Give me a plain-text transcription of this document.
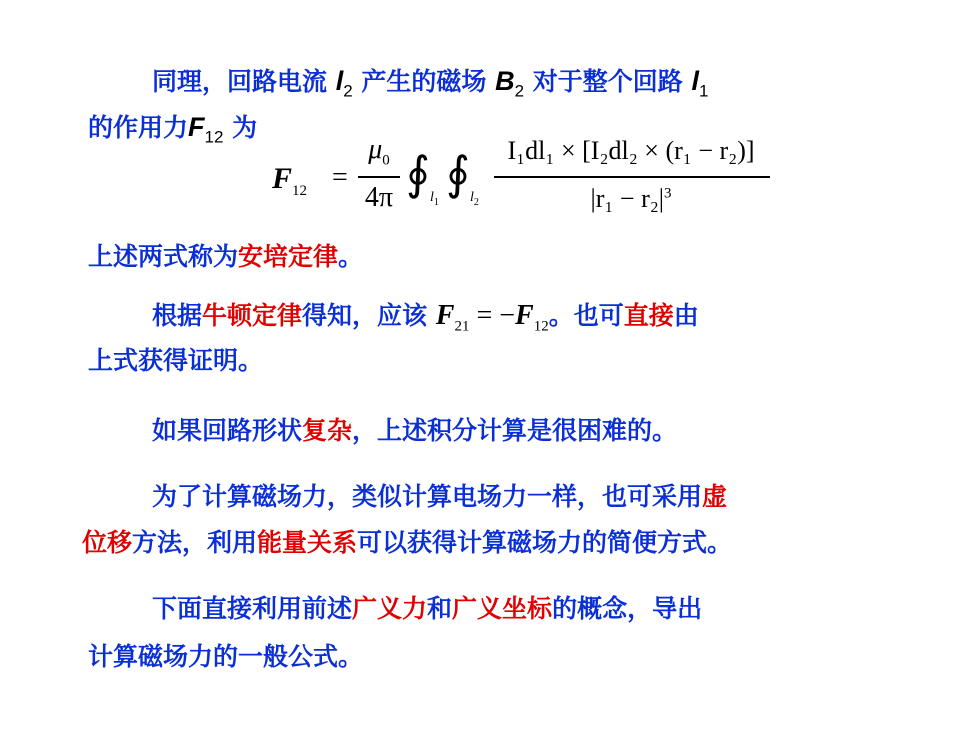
同理，回路电流 $l_2$ 产生的磁场 $B_2$ 对于整个回路 $l_1$
的作用力$F_{12}$ 为
$F_{12}$ =
$\mu_0$
4π ∮ $l_1$
∮ $l_2$
I₁dl₁ × [I₂dl₂ × (r₁ − r₂)]
$|r_1 - r_2|^3$
上述两式称为安培定律。
根据牛顿定律得知，应该 $F_{21} = -F_{12}$。也可直接由
上式获得证明。
如果回路形状复杂，上述积分计算是很困难的。
为了计算磁场力，类似计算电场力一样，也可采用虚
位移方法，利用能量关系可以获得计算磁场力的简便方式。
下面直接利用前述广义力和广义坐标的概念，导出
计算磁场力的一般公式。
